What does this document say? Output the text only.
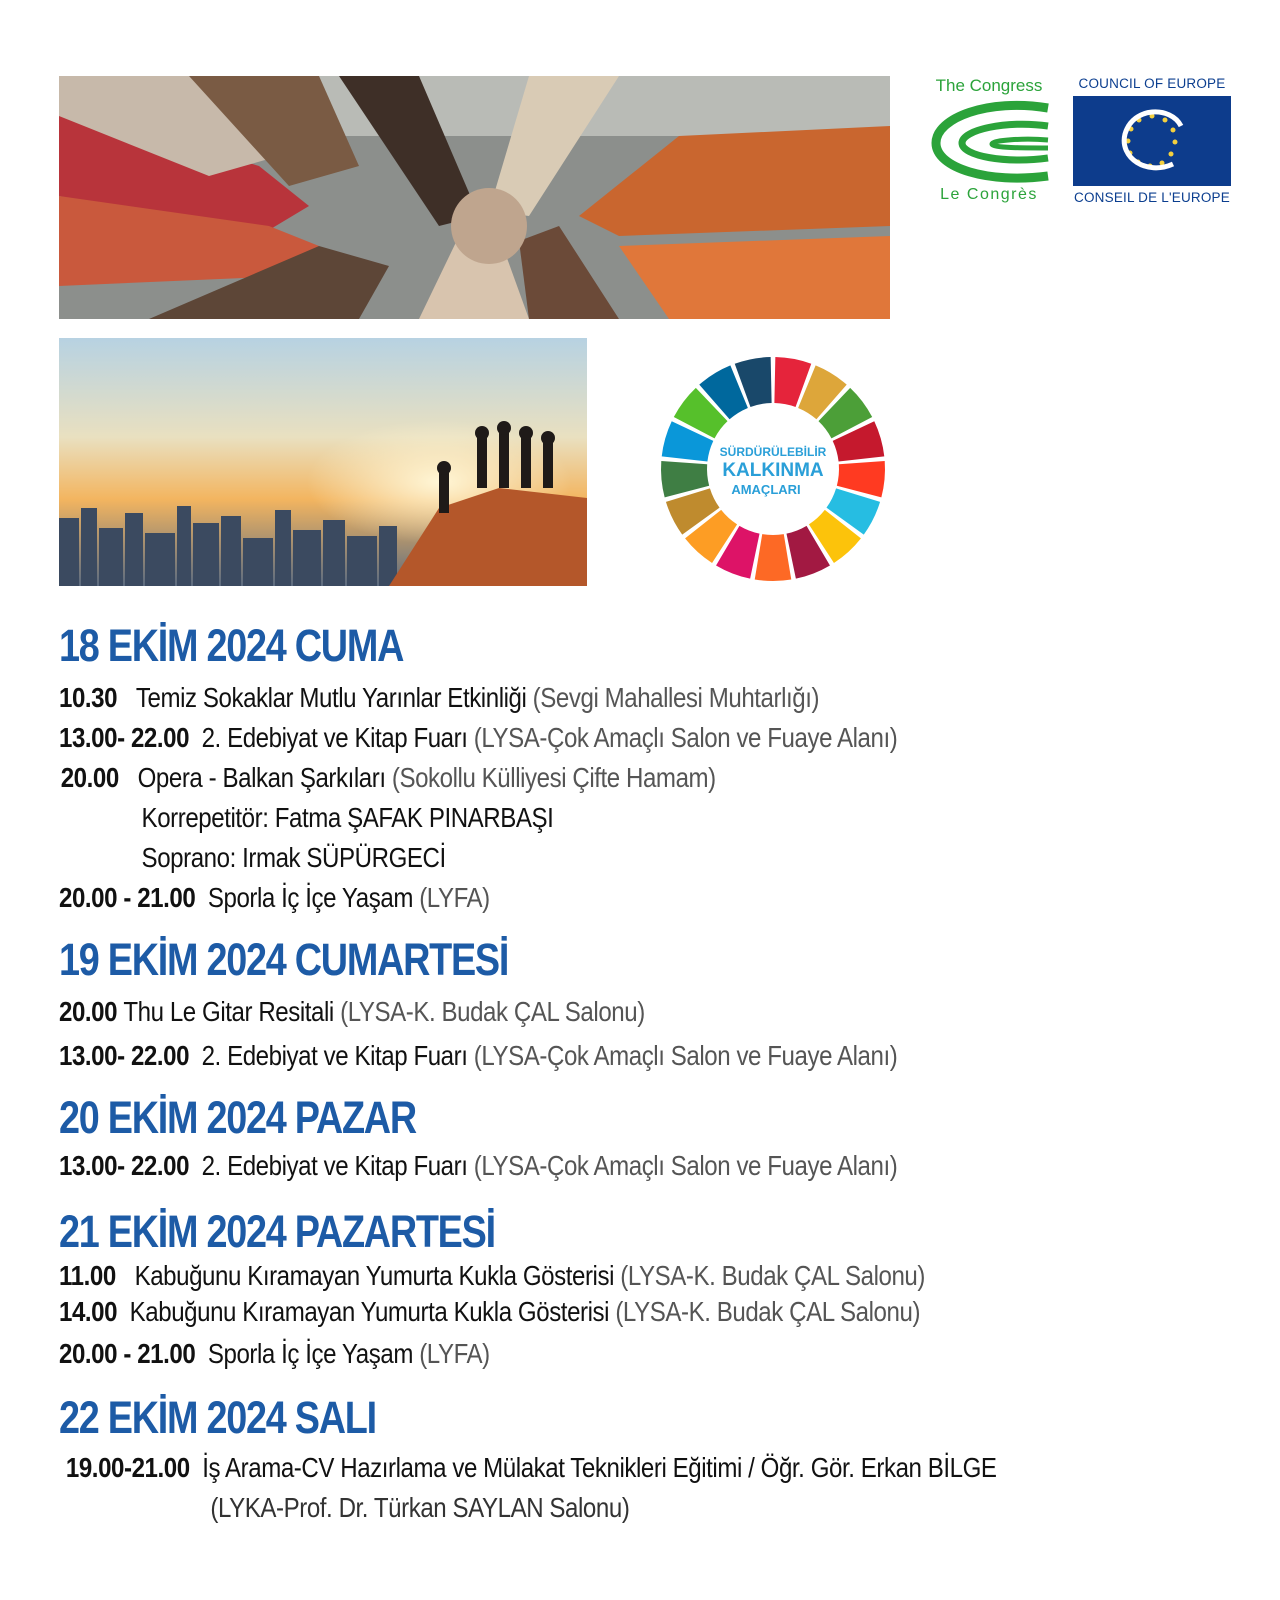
The Congress
Le Congrès
COUNCIL OF EUROPE
CONSEIL DE L'EUROPE
SÜRDÜRÜLEBİLİR
KALKINMA
AMAÇLARI
18 EKİM 2024 CUMA
10.30 Temiz Sokaklar Mutlu Yarınlar Etkinliği (Sevgi Mahallesi Muhtarlığı)
13.00- 22.00 2. Edebiyat ve Kitap Fuarı (LYSA-Çok Amaçlı Salon ve Fuaye Alanı)
20.00 Opera - Balkan Şarkıları (Sokollu Külliyesi Çifte Hamam)
Korrepetitör: Fatma ŞAFAK PINARBAŞI
Soprano: Irmak SÜPÜRGECİ
20.00 - 21.00 Sporla İç İçe Yaşam (LYFA)
19 EKİM 2024 CUMARTESİ
20.00 Thu Le Gitar Resitali (LYSA-K. Budak ÇAL Salonu)
13.00- 22.00 2. Edebiyat ve Kitap Fuarı (LYSA-Çok Amaçlı Salon ve Fuaye Alanı)
20 EKİM 2024 PAZAR
13.00- 22.00 2. Edebiyat ve Kitap Fuarı (LYSA-Çok Amaçlı Salon ve Fuaye Alanı)
21 EKİM 2024 PAZARTESİ
11.00 Kabuğunu Kıramayan Yumurta Kukla Gösterisi (LYSA-K. Budak ÇAL Salonu)
14.00 Kabuğunu Kıramayan Yumurta Kukla Gösterisi (LYSA-K. Budak ÇAL Salonu)
20.00 - 21.00 Sporla İç İçe Yaşam (LYFA)
22 EKİM 2024 SALI
19.00-21.00 İş Arama-CV Hazırlama ve Mülakat Teknikleri Eğitimi / Öğr. Gör. Erkan BİLGE
(LYKA-Prof. Dr. Türkan SAYLAN Salonu)
